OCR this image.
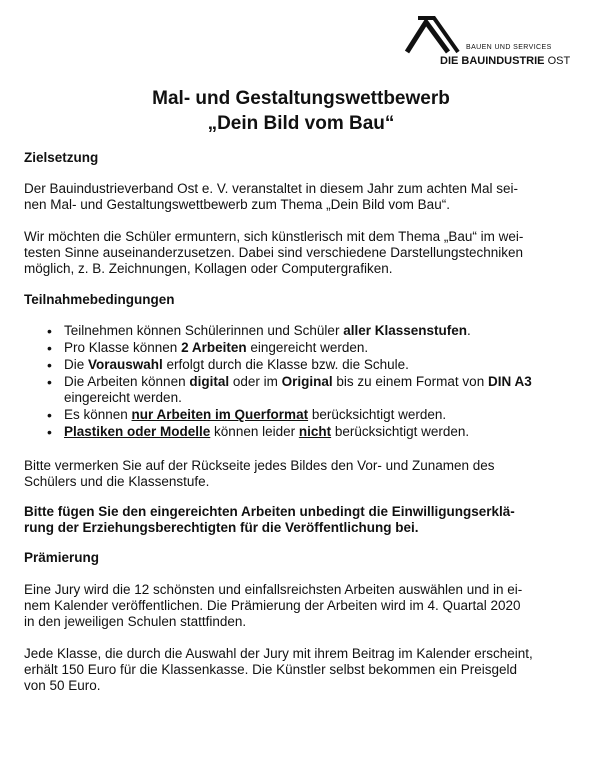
BAUEN UND SERVICES
DIE BAUINDUSTRIE OST
Mal- und Gestaltungswettbewerb
„Dein Bild vom Bau“
Zielsetzung
Der Bauindustrieverband Ost e. V. veranstaltet in diesem Jahr zum achten Mal sei-
nen Mal- und Gestaltungswettbewerb zum Thema „Dein Bild vom Bau“.
Wir möchten die Schüler ermuntern, sich künstlerisch mit dem Thema „Bau“ im wei-
testen Sinne auseinanderzusetzen. Dabei sind verschiedene Darstellungstechniken
möglich, z. B. Zeichnungen, Kollagen oder Computergrafiken.
Teilnahmebedingungen
• Teilnehmen können Schülerinnen und Schüler aller Klassenstufen.
• Pro Klasse können 2 Arbeiten eingereicht werden.
• Die Vorauswahl erfolgt durch die Klasse bzw. die Schule.
• Die Arbeiten können digital oder im Original bis zu einem Format von DIN A3
eingereicht werden.
• Es können nur Arbeiten im Querformat berücksichtigt werden.
• Plastiken oder Modelle können leider nicht berücksichtigt werden.
Bitte vermerken Sie auf der Rückseite jedes Bildes den Vor- und Zunamen des
Schülers und die Klassenstufe.
Bitte fügen Sie den eingereichten Arbeiten unbedingt die Einwilligungserklä-
rung der Erziehungsberechtigten für die Veröffentlichung bei.
Prämierung
Eine Jury wird die 12 schönsten und einfallsreichsten Arbeiten auswählen und in ei-
nem Kalender veröffentlichen. Die Prämierung der Arbeiten wird im 4. Quartal 2020
in den jeweiligen Schulen stattfinden.
Jede Klasse, die durch die Auswahl der Jury mit ihrem Beitrag im Kalender erscheint,
erhält 150 Euro für die Klassenkasse. Die Künstler selbst bekommen ein Preisgeld
von 50 Euro.
